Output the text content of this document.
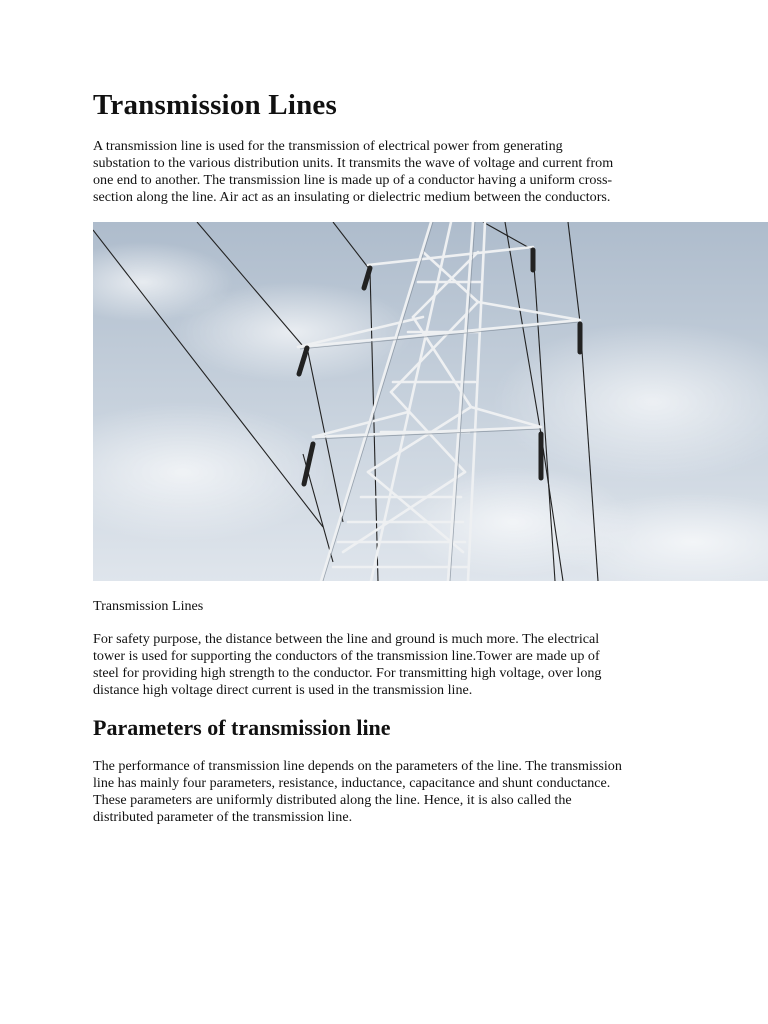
Transmission Lines

A transmission line is used for the transmission of electrical power from generating
substation to the various distribution units. It transmits the wave of voltage and current from
one end to another. The transmission line is made up of a conductor having a uniform cross-
section along the line. Air act as an insulating or dielectric medium between the conductors.

Transmission Lines

For safety purpose, the distance between the line and ground is much more. The electrical
tower is used for supporting the conductors of the transmission line.Tower are made up of
steel for providing high strength to the conductor. For transmitting high voltage, over long
distance high voltage direct current is used in the transmission line.

Parameters of transmission line

The performance of transmission line depends on the parameters of the line. The transmission
line has mainly four parameters, resistance, inductance, capacitance and shunt conductance.
These parameters are uniformly distributed along the line. Hence, it is also called the
distributed parameter of the transmission line.
